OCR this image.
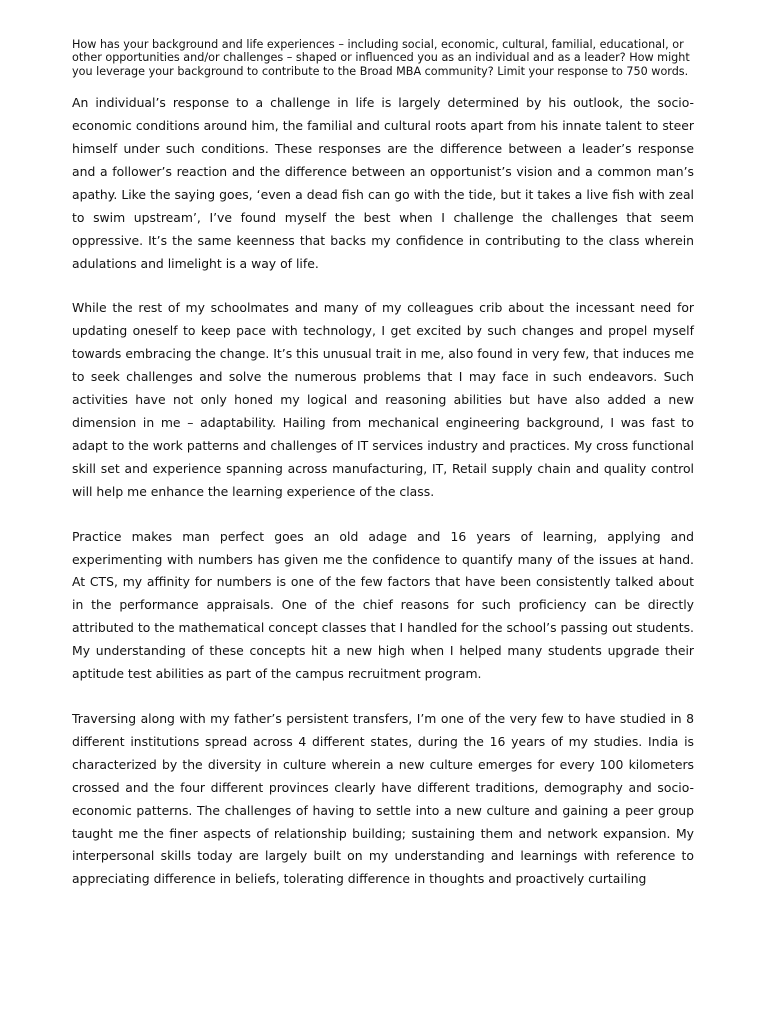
How has your background and life experiences – including social, economic, cultural, familial, educational, or other opportunities and/or challenges – shaped or influenced you as an individual and as a leader? How might you leverage your background to contribute to the Broad MBA community? Limit your response to 750 words.

An individual’s response to a challenge in life is largely determined by his outlook, the socio-economic conditions around him, the familial and cultural roots apart from his innate talent to steer himself under such conditions. These responses are the difference between a leader’s response and a follower’s reaction and the difference between an opportunist’s vision and a common man’s apathy. Like the saying goes, ‘even a dead fish can go with the tide, but it takes a live fish with zeal to swim upstream’, I’ve found myself the best when I challenge the challenges that seem oppressive. It’s the same keenness that backs my confidence in contributing to the class wherein adulations and limelight is a way of life.

While the rest of my schoolmates and many of my colleagues crib about the incessant need for updating oneself to keep pace with technology, I get excited by such changes and propel myself towards embracing the change. It’s this unusual trait in me, also found in very few, that induces me to seek challenges and solve the numerous problems that I may face in such endeavors. Such activities have not only honed my logical and reasoning abilities but have also added a new dimension in me – adaptability. Hailing from mechanical engineering background, I was fast to adapt to the work patterns and challenges of IT services industry and practices. My cross functional skill set and experience spanning across manufacturing, IT, Retail supply chain and quality control will help me enhance the learning experience of the class.

Practice makes man perfect goes an old adage and 16 years of learning, applying and experimenting with numbers has given me the confidence to quantify many of the issues at hand. At CTS, my affinity for numbers is one of the few factors that have been consistently talked about in the performance appraisals. One of the chief reasons for such proficiency can be directly attributed to the mathematical concept classes that I handled for the school’s passing out students. My understanding of these concepts hit a new high when I helped many students upgrade their aptitude test abilities as part of the campus recruitment program.

Traversing along with my father’s persistent transfers, I’m one of the very few to have studied in 8 different institutions spread across 4 different states, during the 16 years of my studies. India is characterized by the diversity in culture wherein a new culture emerges for every 100 kilometers crossed and the four different provinces clearly have different traditions, demography and socio-economic patterns. The challenges of having to settle into a new culture and gaining a peer group taught me the finer aspects of relationship building; sustaining them and network expansion. My interpersonal skills today are largely built on my understanding and learnings with reference to appreciating difference in beliefs, tolerating difference in thoughts and proactively curtailing
